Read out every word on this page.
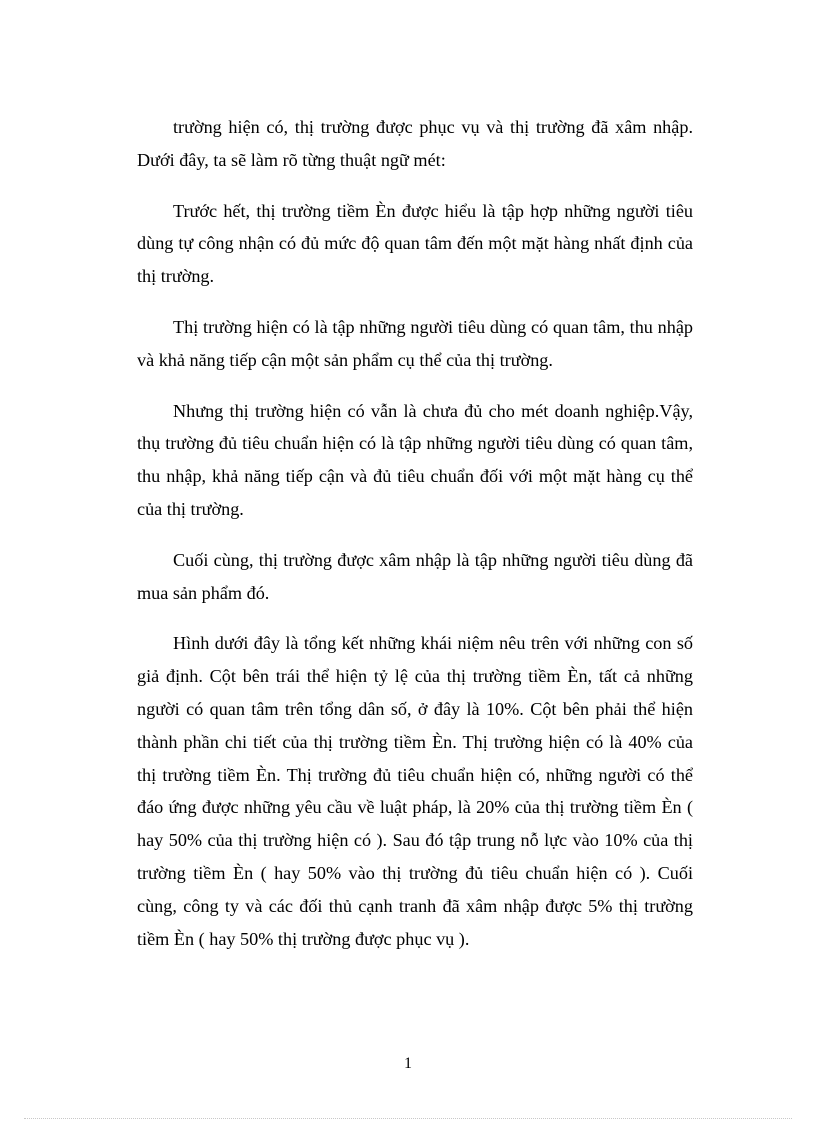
trường hiện có, thị trường được phục vụ và thị trường đã xâm nhập. Dưới đây, ta sẽ làm rõ từng thuật ngữ mét:

Trước hết, thị trường tiềm Èn được hiểu là tập hợp những người tiêu dùng tự công nhận có đủ mức độ quan tâm đến một mặt hàng nhất định của thị trường.

Thị trường hiện có là tập những người tiêu dùng có quan tâm, thu nhập và khả năng tiếp cận một sản phẩm cụ thể của thị trường.

Nhưng thị trường hiện có vẫn là chưa đủ cho mét doanh nghiệp.Vậy, thụ trường đủ tiêu chuẩn hiện có là tập những người tiêu dùng có quan tâm, thu nhập, khả năng tiếp cận và đủ tiêu chuẩn đối với một mặt hàng cụ thể của thị trường.

Cuối cùng, thị trường được xâm nhập là tập những người tiêu dùng đã mua sản phẩm đó.

Hình dưới đây là tổng kết những khái niệm nêu trên với những con số giả định. Cột bên trái thể hiện tỷ lệ của thị trường tiềm Èn, tất cả những người có quan tâm trên tổng dân số, ở đây là 10%. Cột bên phải thể hiện thành phần chi tiết của thị trường tiềm Èn. Thị trường hiện có là 40% của thị trường tiềm Èn. Thị trường đủ tiêu chuẩn hiện có, những người có thể đáo ứng được những yêu cầu về luật pháp, là 20% của thị trường tiềm Èn ( hay 50% của thị trường hiện có ). Sau đó tập trung nỗ lực vào 10% của thị trường tiềm Èn ( hay 50% vào thị trường đủ tiêu chuẩn hiện có ). Cuối cùng, công ty và các đối thủ cạnh tranh đã xâm nhập được 5% thị trường tiềm Èn ( hay 50% thị trường được phục vụ ).

1
